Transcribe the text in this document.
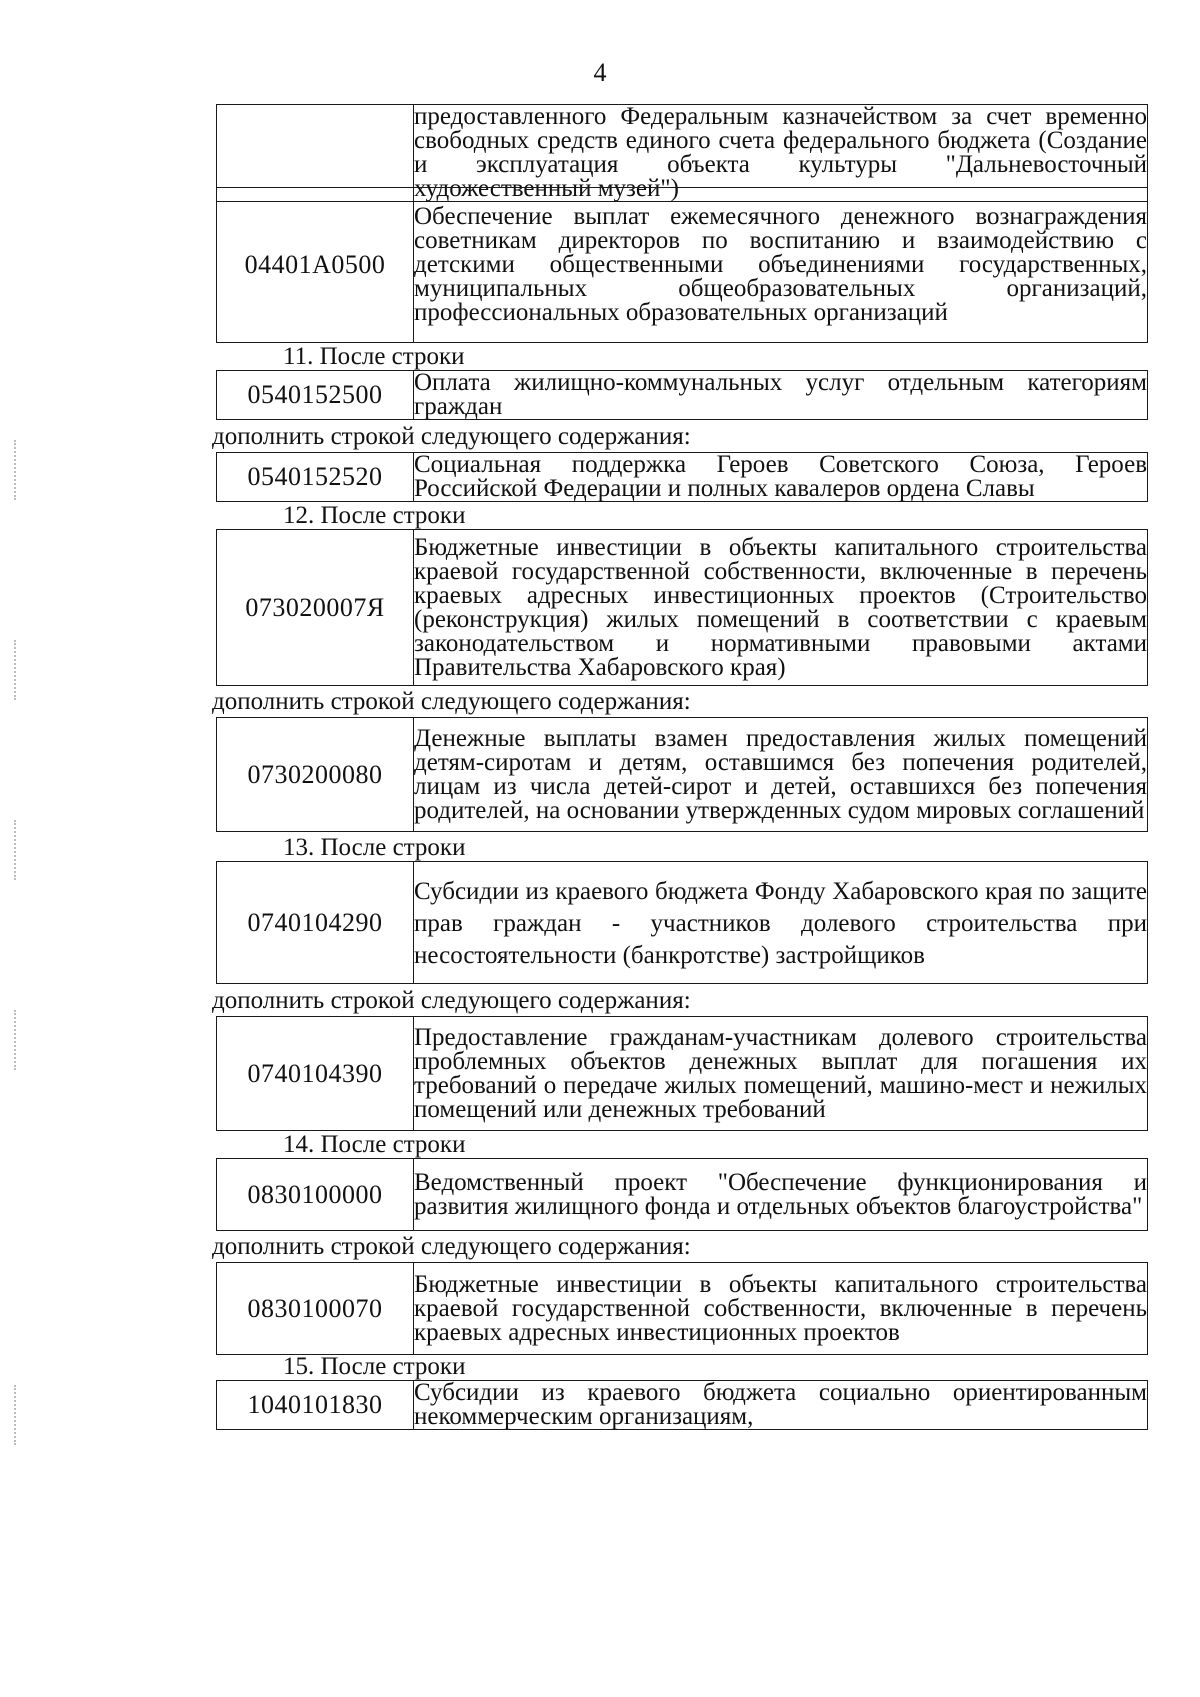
4
	предоставленного Федеральным казначейством за счет временно свободных средств единого счета федерального бюджета (Создание и эксплуатация объекта культуры "Дальневосточный художественный музей")
04401А0500	Обеспечение выплат ежемесячного денежного вознаграждения советникам директоров по воспитанию и взаимодействию с детскими общественными объединениями государственных, муниципальных общеобразовательных организаций, профессиональных образовательных организаций
11. После строки
0540152500	Оплата жилищно-коммунальных услуг отдельным категориям граждан
дополнить строкой следующего содержания:
0540152520	Социальная поддержка Героев Советского Союза, Героев Российской Федерации и полных кавалеров ордена Славы
12. После строки
073020007Я	Бюджетные инвестиции в объекты капитального строительства краевой государственной собственности, включенные в перечень краевых адресных инвестиционных проектов (Строительство (реконструкция) жилых помещений в соответствии с краевым законодательством и нормативными правовыми актами Правительства Хабаровского края)
дополнить строкой следующего содержания:
0730200080	Денежные выплаты взамен предоставления жилых помещений детям-сиротам и детям, оставшимся без попечения родителей, лицам из числа детей-сирот и детей, оставшихся без попечения родителей, на основании утвержденных судом мировых соглашений
13. После строки
0740104290	Субсидии из краевого бюджета Фонду Хабаровского края по защите прав граждан - участников долевого строительства при несостоятельности (банкротстве) застройщиков
дополнить строкой следующего содержания:
0740104390	Предоставление гражданам-участникам долевого строительства проблемных объектов денежных выплат для погашения их требований о передаче жилых помещений, машино-мест и нежилых помещений или денежных требований
14. После строки
0830100000	Ведомственный проект "Обеспечение функционирования и развития жилищного фонда и отдельных объектов благоустройства"
дополнить строкой следующего содержания:
0830100070	Бюджетные инвестиции в объекты капитального строительства краевой государственной собственности, включенные в перечень краевых адресных инвестиционных проектов
15. После строки
1040101830	Субсидии из краевого бюджета социально ориентированным некоммерческим организациям,
